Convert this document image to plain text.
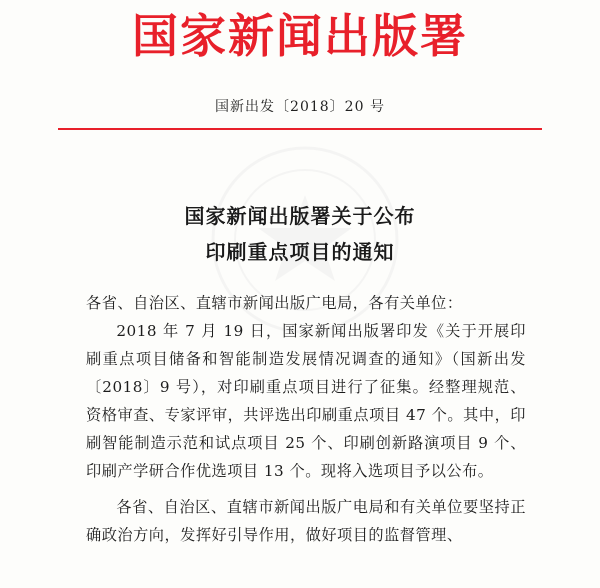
国家新闻出版署
国新出发〔2018〕20 号
国家新闻出版署关于公布
印刷重点项目的通知

各省、自治区、直辖市新闻出版广电局，各有关单位：

2018 年 7 月 19 日，国家新闻出版署印发《关于开展印刷重点项目储备和智能制造发展情况调查的通知》（国新出发〔2018〕9 号），对印刷重点项目进行了征集。经整理规范、资格审查、专家评审，共评选出印刷重点项目 47 个。其中，印刷智能制造示范和试点项目 25 个、印刷创新路演项目 9 个、印刷产学研合作优选项目 13 个。现将入选项目予以公布。

各省、自治区、直辖市新闻出版广电局和有关单位要坚持正确政治方向，发挥好引导作用，做好项目的监督管理、
